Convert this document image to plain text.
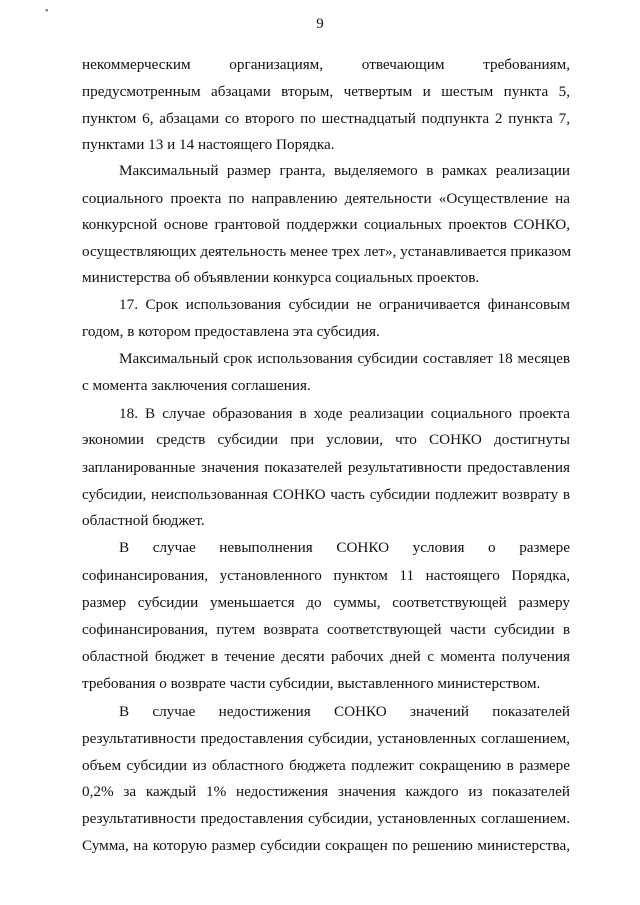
•
9
некоммерческим организациям, отвечающим требованиям,
предусмотренным абзацами вторым, четвертым и шестым пункта 5,
пунктом 6, абзацами со второго по шестнадцатый подпункта 2 пункта 7,
пунктами 13 и 14 настоящего Порядка.
Максимальный размер гранта, выделяемого в рамках реализации
социального проекта по направлению деятельности «Осуществление на
конкурсной основе грантовой поддержки социальных проектов СОНКО,
осуществляющих деятельность менее трех лет», устанавливается приказом
министерства об объявлении конкурса социальных проектов.
17. Срок использования субсидии не ограничивается финансовым
годом, в котором предоставлена эта субсидия.
Максимальный срок использования субсидии составляет 18 месяцев
с момента заключения соглашения.
18. В случае образования в ходе реализации социального проекта
экономии средств субсидии при условии, что СОНКО достигнуты
запланированные значения показателей результативности предоставления
субсидии, неиспользованная СОНКО часть субсидии подлежит возврату в
областной бюджет.
В случае невыполнения СОНКО условия о размере
софинансирования, установленного пунктом 11 настоящего Порядка,
размер субсидии уменьшается до суммы, соответствующей размеру
софинансирования, путем возврата соответствующей части субсидии в
областной бюджет в течение десяти рабочих дней с момента получения
требования о возврате части субсидии, выставленного министерством.
В случае недостижения СОНКО значений показателей
результативности предоставления субсидии, установленных соглашением,
объем субсидии из областного бюджета подлежит сокращению в размере
0,2% за каждый 1% недостижения значения каждого из показателей
результативности предоставления субсидии, установленных соглашением.
Сумма, на которую размер субсидии сокращен по решению министерства,
